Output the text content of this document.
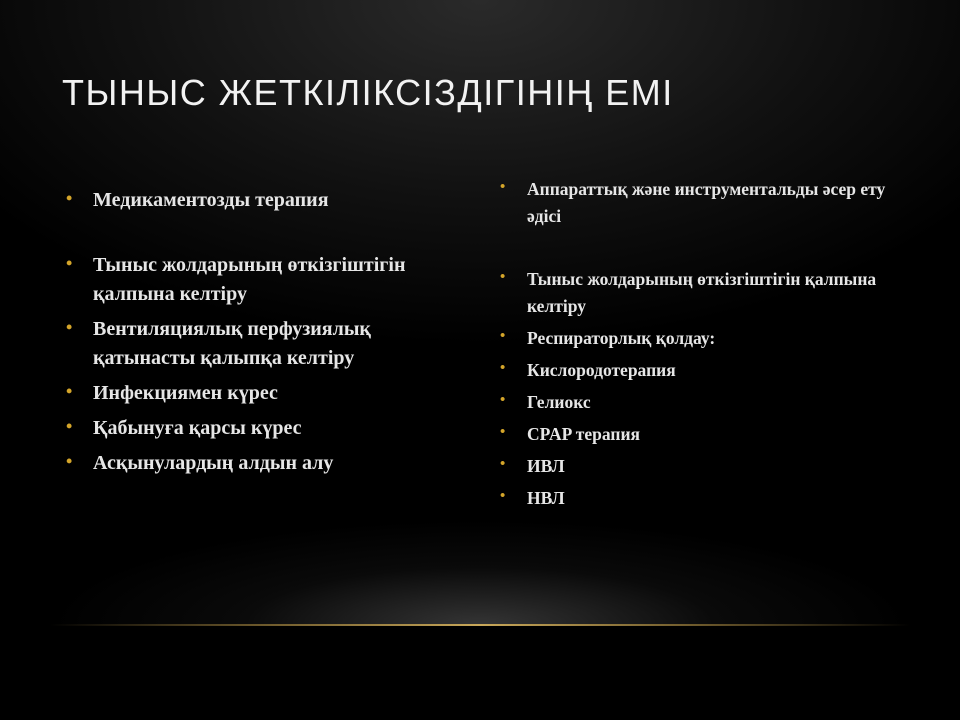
ТЫНЫС ЖЕТКІЛІКСІЗДІГІНІҢ ЕМІ
• Медикаментозды терапия
• Тыныс жолдарының өткізгіштігін қалпына келтіру
• Вентиляциялық перфузиялық қатынасты қалыпқа келтіру
• Инфекциямен күрес
• Қабынуға қарсы күрес
• Асқынулардың алдын алу
• Аппараттық және инструментальды әсер ету әдісі
• Тыныс жолдарының өткізгіштігін қалпына келтіру
• Респираторлық қолдау:
• Кислородотерапия
• Гелиокс
• CPAP терапия
• ИВЛ
• НВЛ
